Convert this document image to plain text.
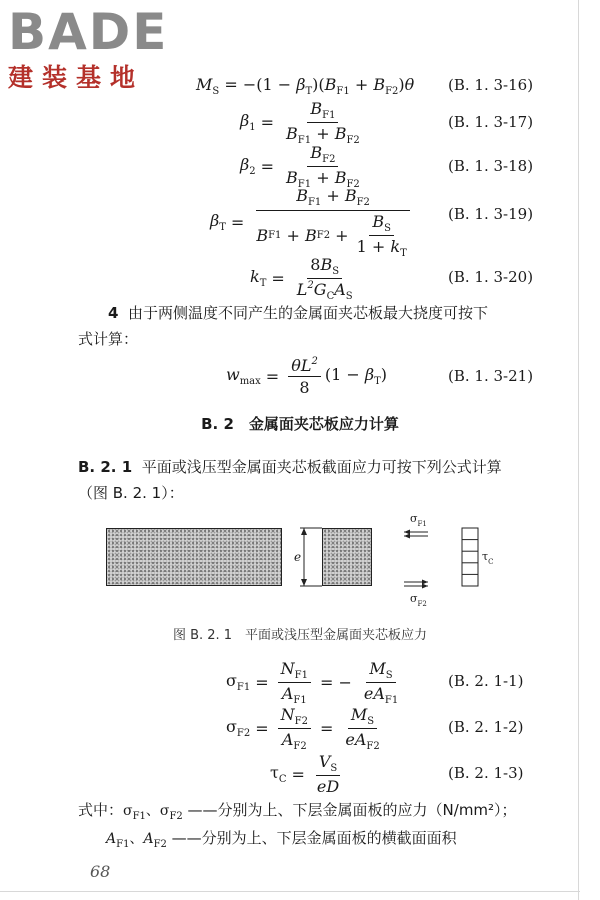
BADE
建装基地	$M_S = -(1 - \beta_T)(B_{F1} + B_{F2})\theta$ (B. 1. 3-16)
$\beta_1 = \frac{B_{F1}}{B_{F1} + B_{F2}}$	(B. 1. 3-17)
$\beta_2 = \frac{B_{F2}}{B_{F1} + B_{F2}}$	(B. 1. 3-18)
$\beta_T = \frac{B_{F1} + B_{F2}}{B F1 + B F2 + \frac{B_S}{1 + k_T}} (B$. 1. 3-19)
$k_T = \frac{8B_S}{L^2G_CA_S}$	(B. 1. 3-20)
4 由于两侧温度不同产生的金属面夹芯板最大挠度可按下
式计算：
$w_{max} = \frac{\theta L^2}{8} (1 - \beta_T)$	(B. 1. 3-21)
B. 2　金属面夹芯板应力计算
B. 2. 1 平面或浅压型金属面夹芯板截面应力可按下列公式计算
（图 B. 2. 1）：
e
$\sigma_{F1}$
$\sigma_{F2}$
$\tau_C$
图 B. 2. 1　平面或浅压型金属面夹芯板应力
$\sigma_{F1} = \frac{N_{F1}}{A_{F1}}$ = − $\frac{M_S}{eA_{F1}}$	(B. 2. 1-1)
$\sigma_{F2} = \frac{N_{F2}}{A_{F2}} = \frac{M_S}{eA_{F2}}$	(B. 2. 1-2)
$\tau_C = \frac{V_S}{eD}$	(B. 2. 1-3)
式中：$\sigma_{F1}$、$\sigma_{F2}$ ——分别为上、下层金属面板的应力（N/mm²）；
$A_{F1}$、$A_{F2}$ ——分别为上、下层金属面板的横截面面积
68
